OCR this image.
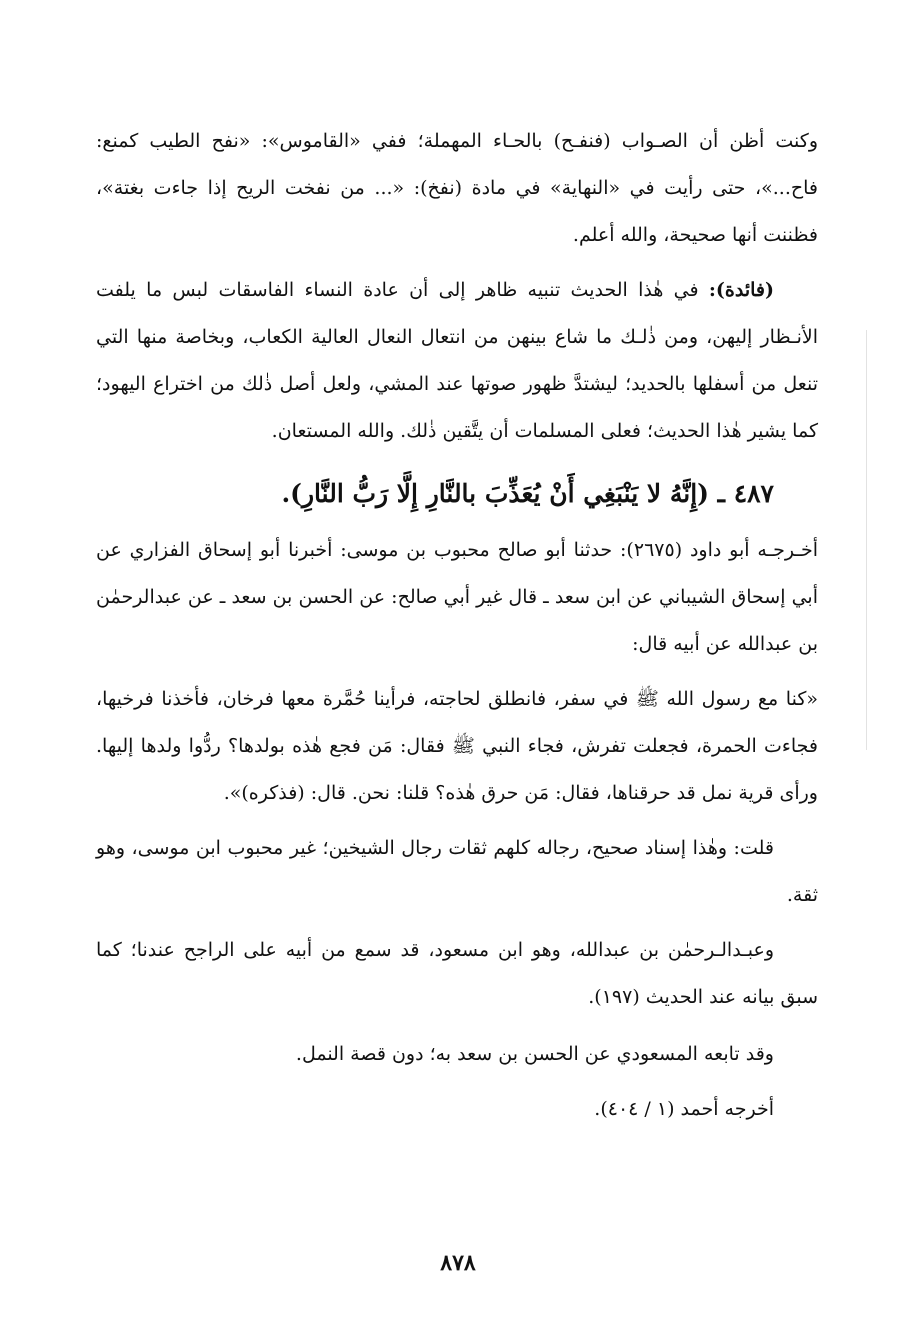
وكنت أظن أن الصـواب (فنفـح) بالحـاء المهملة؛ ففي «القاموس»: «نفح الطيب كمنع: فاح...»، حتى رأيت في «النهاية» في مادة (نفخ): «... من نفخت الريح إذا جاءت بغتة»، فظننت أنها صحيحة، والله أعلم.

(فائدة): في هٰذا الحديث تنبيه ظاهر إلى أن عادة النساء الفاسقات لبس ما يلفت الأنـظار إليهن، ومن ذٰلـك ما شاع بينهن من انتعال النعال العالية الكعاب، وبخاصة منها التي تنعل من أسفلها بالحديد؛ ليشتدَّ ظهور صوتها عند المشي، ولعل أصل ذٰلك من اختراع اليهود؛ كما يشير هٰذا الحديث؛ فعلى المسلمات أن يتَّقين ذٰلك. والله المستعان.

٤٨٧ ـ (إِنَّهُ لا يَنْبَغِي أَنْ يُعَذِّبَ بالنَّارِ إِلَّا رَبُّ النَّارِ).

أخـرجـه أبو داود (٢٦٧٥): حدثنا أبو صالح محبوب بن موسى: أخبرنا أبو إسحاق الفزاري عن أبي إسحاق الشيباني عن ابن سعد ـ قال غير أبي صالح: عن الحسن بن سعد ـ عن عبدالرحمٰن بن عبدالله عن أبيه قال:

«كنا مع رسول الله ﷺ في سفر، فانطلق لحاجته، فرأينا حُمَّرة معها فرخان، فأخذنا فرخيها، فجاءت الحمرة، فجعلت تفرش، فجاء النبي ﷺ فقال: مَن فجع هٰذه بولدها؟ ردُّوا ولدها إليها. ورأى قرية نمل قد حرقناها، فقال: مَن حرق هٰذه؟ قلنا: نحن. قال: (فذكره)».

قلت: وهٰذا إسناد صحيح، رجاله كلهم ثقات رجال الشيخين؛ غير محبوب ابن موسى، وهو ثقة.

وعبـدالـرحمٰن بن عبدالله، وهو ابن مسعود، قد سمع من أبيه على الراجح عندنا؛ كما سبق بيانه عند الحديث (١٩٧).

وقد تابعه المسعودي عن الحسن بن سعد به؛ دون قصة النمل.

أخرجه أحمد (١ / ٤٠٤).

٨٧٨
